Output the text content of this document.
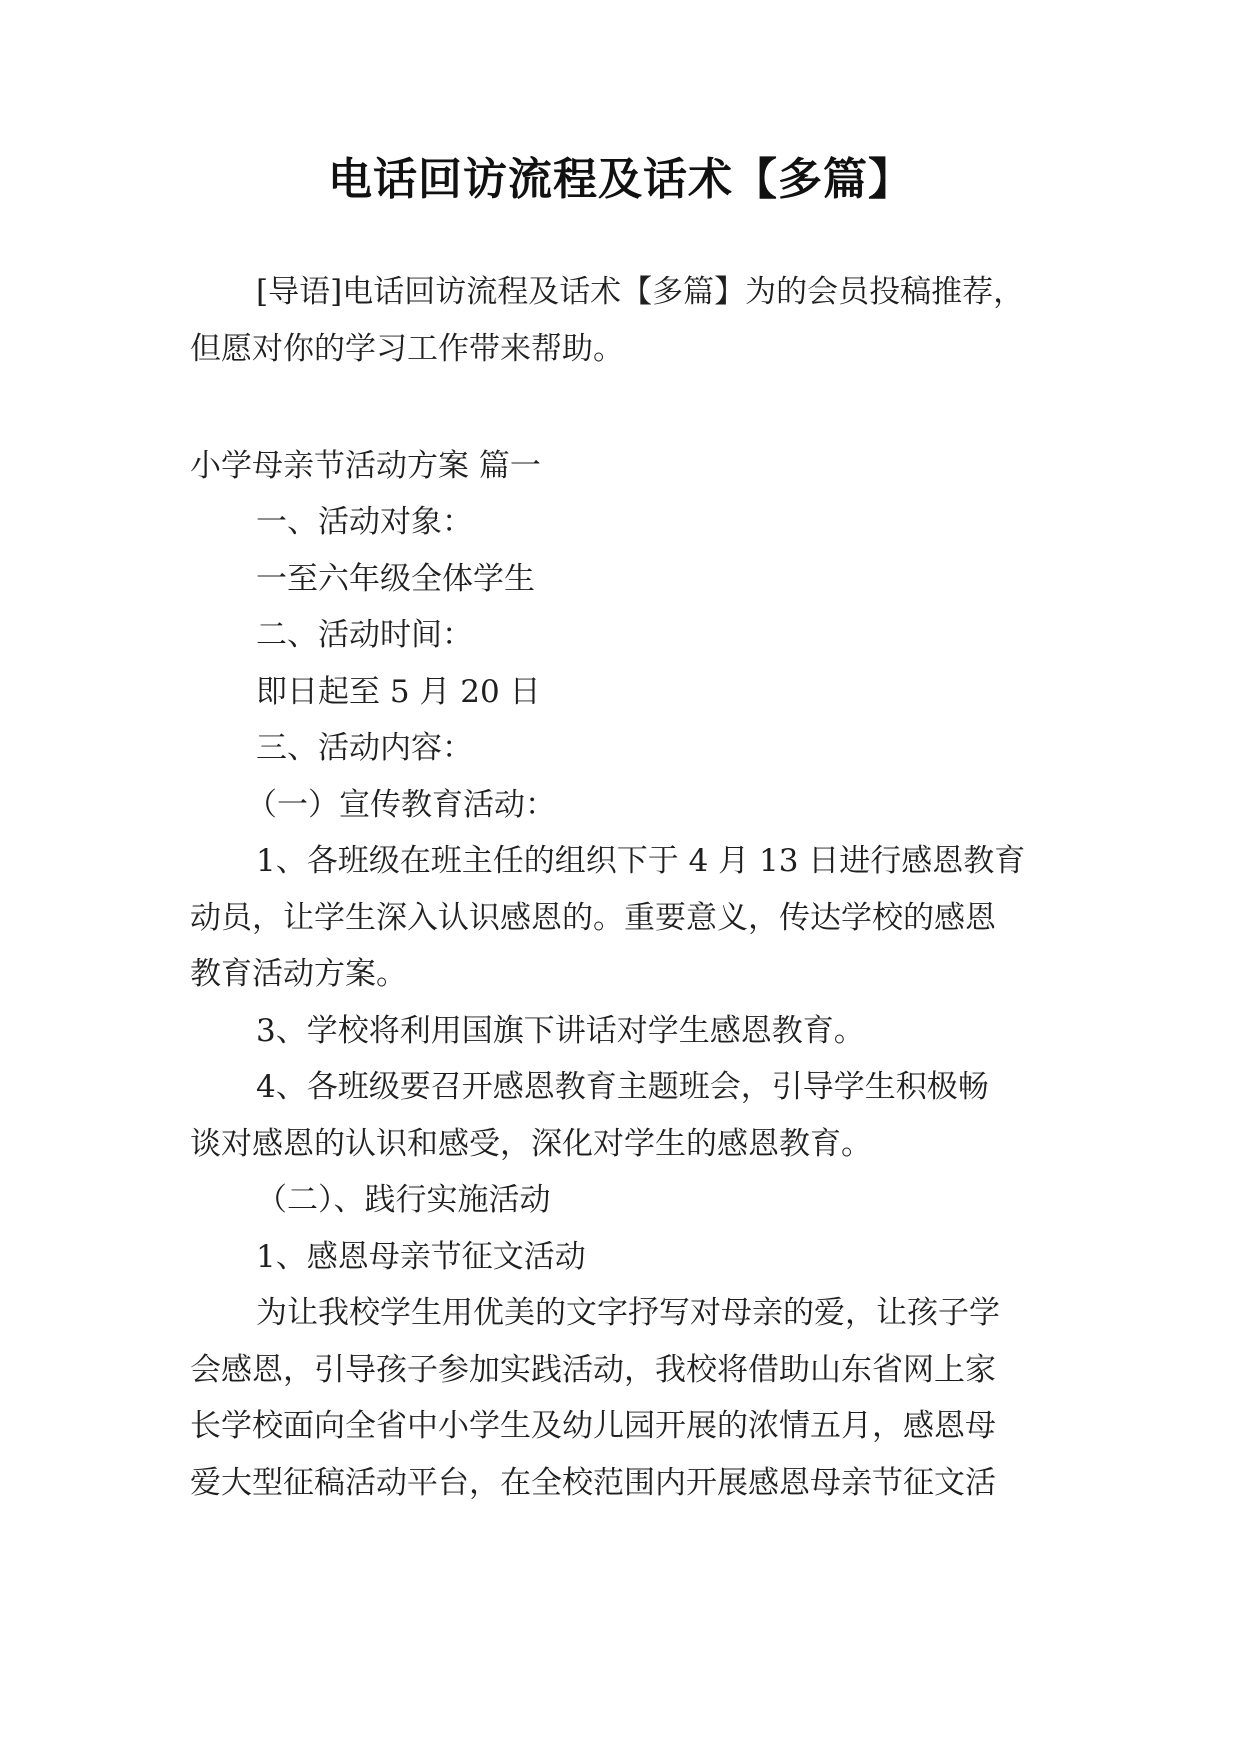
电话回访流程及话术【多篇】

[导语]电话回访流程及话术【多篇】为的会员投稿推荐，

但愿对你的学习工作带来帮助。

小学母亲节活动方案 篇一

一、活动对象：

一至六年级全体学生

二、活动时间：

即日起至 5 月 20 日

三、活动内容：

（一）宣传教育活动：

1、各班级在班主任的组织下于 4 月 13 日进行感恩教育

动员，让学生深入认识感恩的。重要意义，传达学校的感恩

教育活动方案。

3、学校将利用国旗下讲话对学生感恩教育。

4、各班级要召开感恩教育主题班会，引导学生积极畅

谈对感恩的认识和感受，深化对学生的感恩教育。

（二）、践行实施活动

1、感恩母亲节征文活动

为让我校学生用优美的文字抒写对母亲的爱，让孩子学

会感恩，引导孩子参加实践活动，我校将借助山东省网上家

长学校面向全省中小学生及幼儿园开展的浓情五月，感恩母

爱大型征稿活动平台，在全校范围内开展感恩母亲节征文活
